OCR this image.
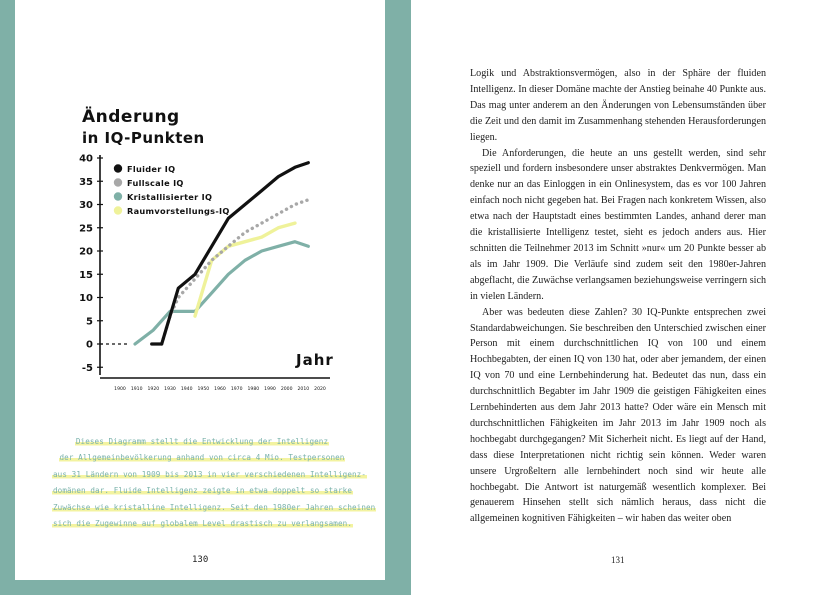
Änderung
in IQ-Punkten
40
35
30
25
20
15
10
5
0
-5
1900 1910 1920 1930 1940 1950 1960 1970 1980 1990 2000 2010 2020
Fluider IQ
Fullscale IQ
Kristallisierter IQ
Raumvorstellungs-IQ
Jahr
Dieses Diagramm stellt die Entwicklung der Intelligenz
der Allgemeinbevölkerung anhand von circa 4 Mio. Testpersonen
aus 31 Ländern von 1909 bis 2013 in vier verschiedenen Intelligenz-
domänen dar. Fluide Intelligenz zeigte in etwa doppelt so starke
Zuwächse wie kristalline Intelligenz. Seit den 1980er Jahren scheinen
sich die Zugewinne auf globalem Level drastisch zu verlangsamen.
130

Logik und Abstraktionsvermögen, also in der Sphäre der fluiden Intelligenz. In dieser Domäne machte der Anstieg beinahe 40 Punkte aus. Das mag unter anderem an den Änderungen von Lebensumständen über die Zeit und den damit im Zusammenhang stehenden Herausforderungen liegen.

Die Anforderungen, die heute an uns gestellt werden, sind sehr speziell und fordern insbesondere unser abstraktes Denkvermögen. Man denke nur an das Einloggen in ein Onlinesystem, das es vor 100 Jahren einfach noch nicht gegeben hat. Bei Fragen nach konkretem Wissen, also etwa nach der Hauptstadt eines bestimmten Landes, anhand derer man die kristallisierte Intelligenz testet, sieht es jedoch anders aus. Hier schnitten die Teilnehmer 2013 im Schnitt »nur« um 20 Punkte besser ab als im Jahr 1909. Die Verläufe sind zudem seit den 1980er-Jahren abgeflacht, die Zuwächse verlangsamen beziehungsweise verringern sich in vielen Ländern.

Aber was bedeuten diese Zahlen? 30 IQ-Punkte entsprechen zwei Standardabweichungen. Sie beschreiben den Unterschied zwischen einer Person mit einem durchschnittlichen IQ von 100 und einem Hochbegabten, der einen IQ von 130 hat, oder aber jemandem, der einen IQ von 70 und eine Lernbehinderung hat. Bedeutet das nun, dass ein durchschnittlich Begabter im Jahr 1909 die geistigen Fähigkeiten eines Lernbehinderten aus dem Jahr 2013 hatte? Oder wäre ein Mensch mit durchschnittlichen Fähigkeiten im Jahr 2013 im Jahr 1909 noch als hochbegabt durchgegangen? Mit Sicherheit nicht. Es liegt auf der Hand, dass diese Interpretationen nicht richtig sein können. Weder waren unsere Urgroßeltern alle lernbehindert noch sind wir heute alle hochbegabt. Die Antwort ist naturgemäß wesentlich komplexer. Bei genauerem Hinsehen stellt sich nämlich heraus, dass nicht die allgemeinen kognitiven Fähigkeiten – wir haben das weiter oben

131
